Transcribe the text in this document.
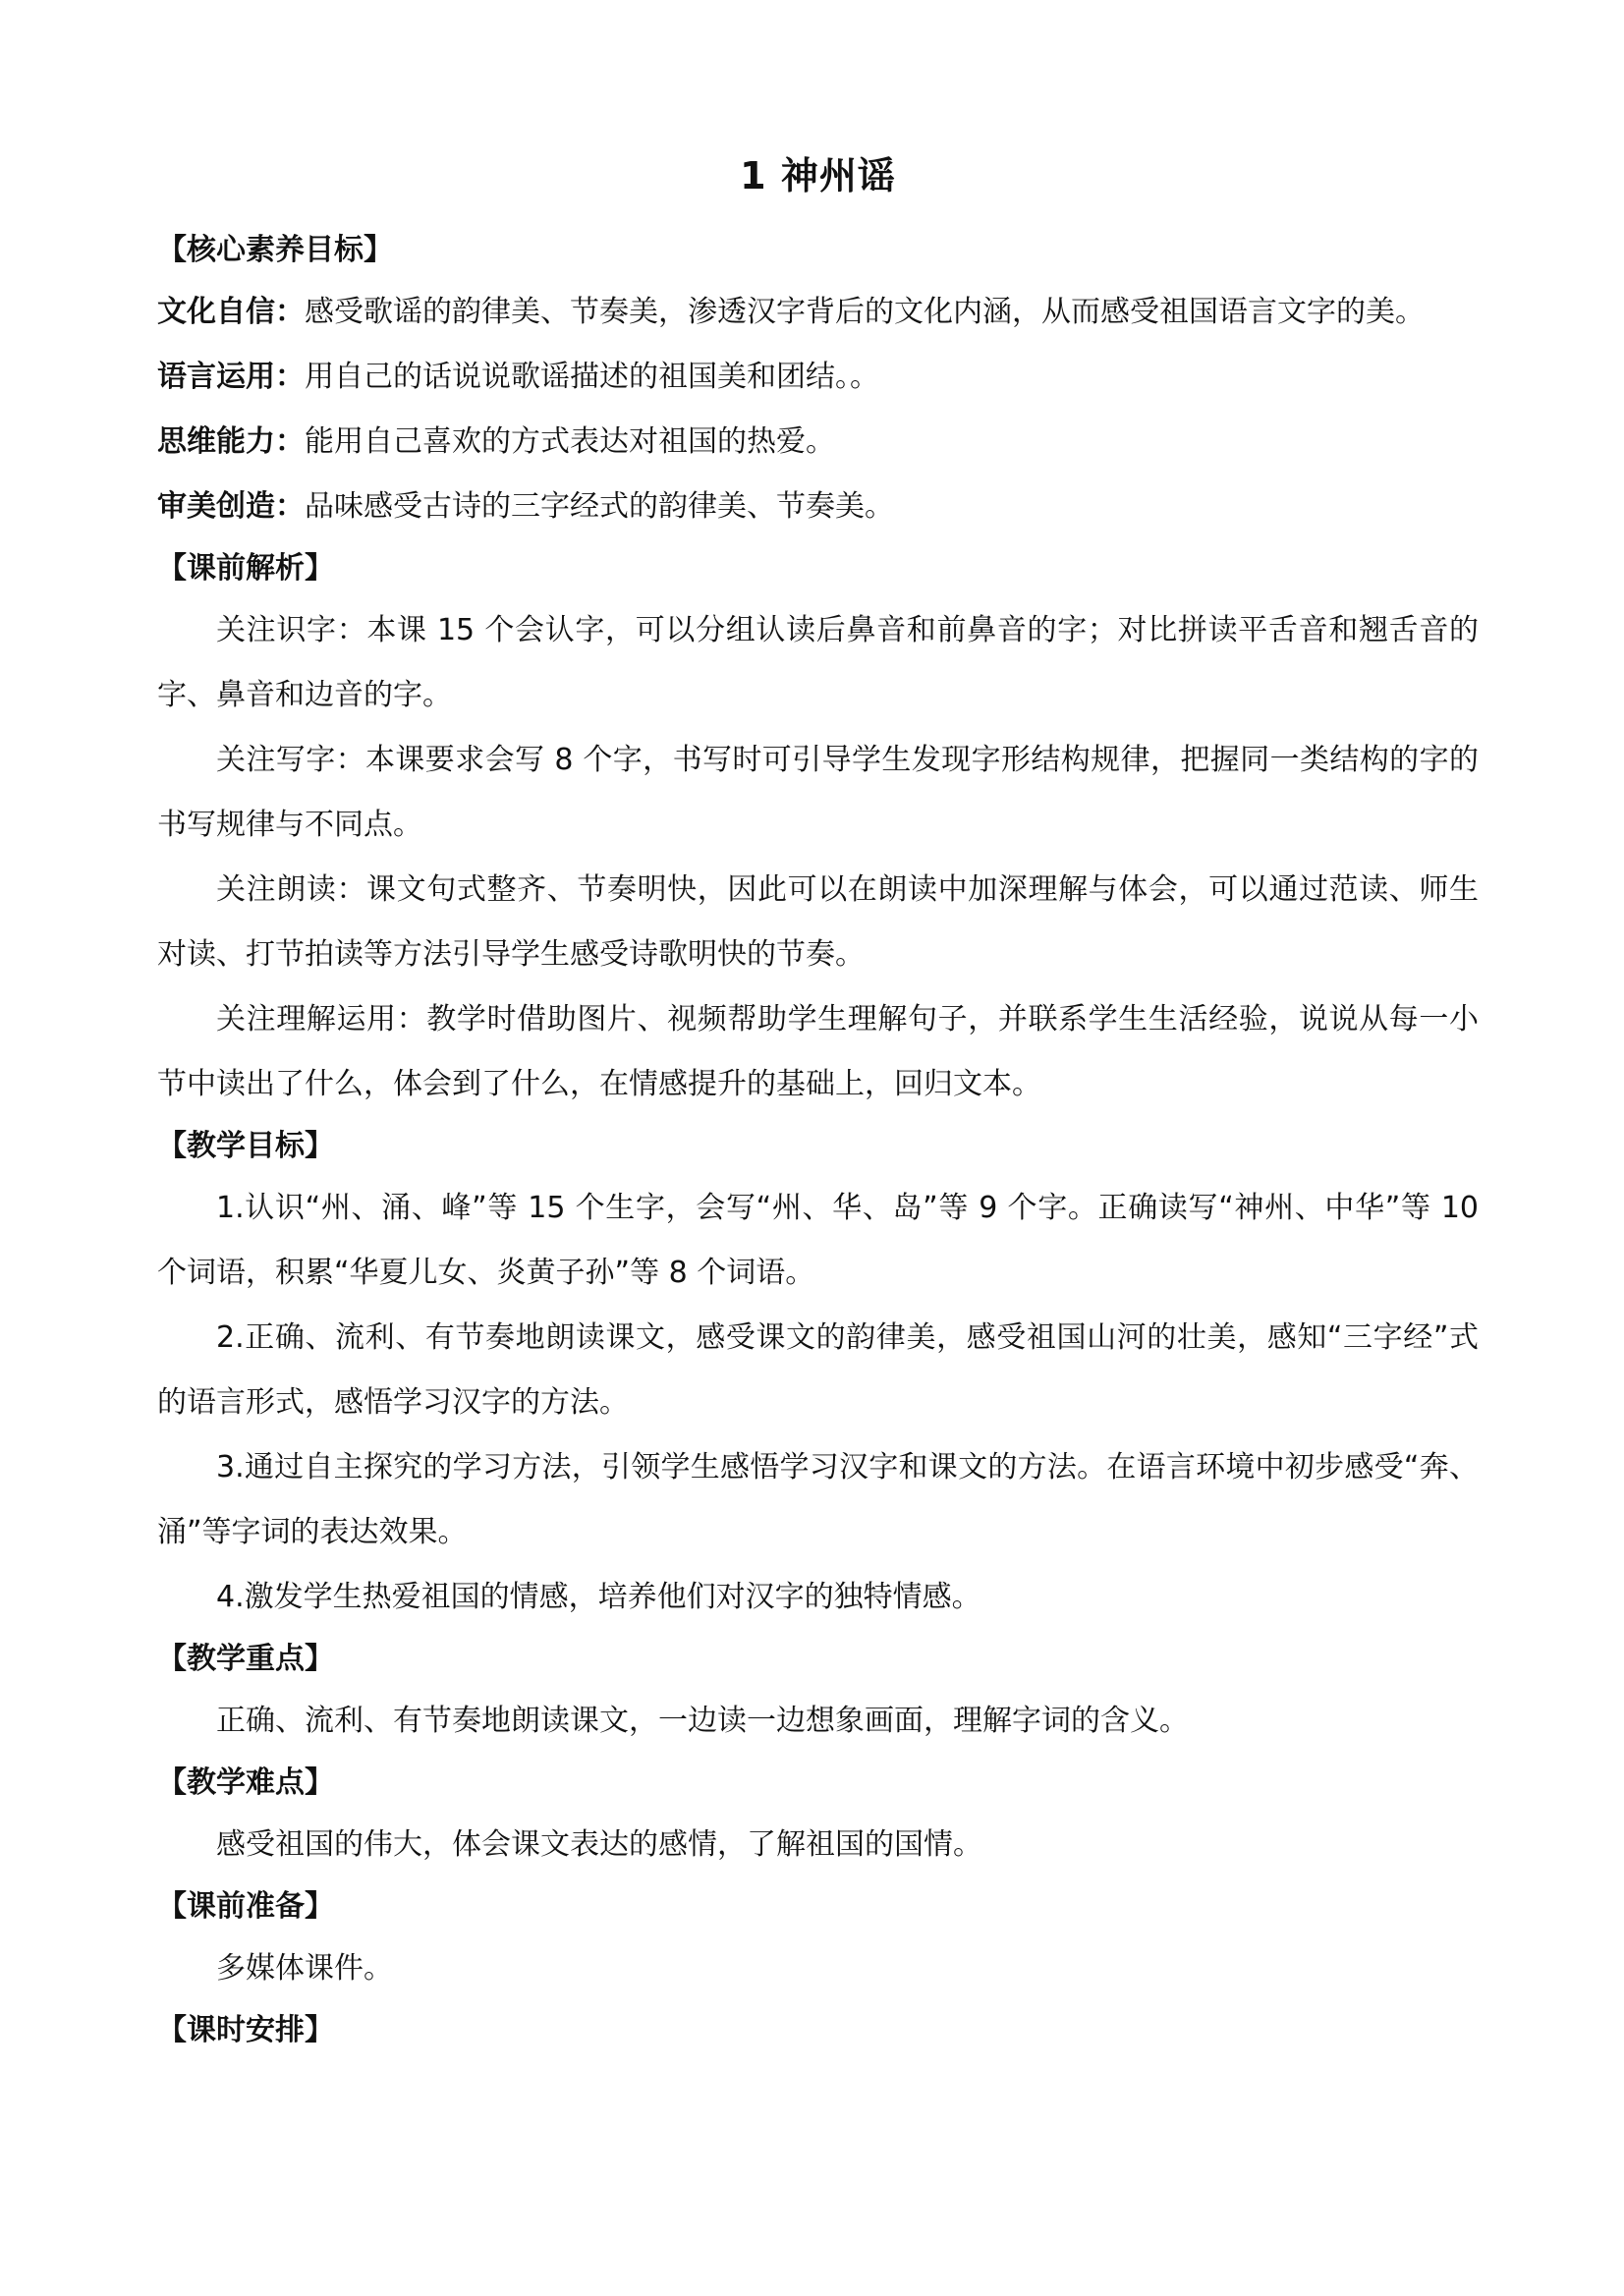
1 神州谣
【核心素养目标】

文化自信：感受歌谣的韵律美、节奏美，渗透汉字背后的文化内涵，从而感受祖国语言文字的美。

语言运用：用自己的话说说歌谣描述的祖国美和团结。。

思维能力：能用自己喜欢的方式表达对祖国的热爱。

审美创造：品味感受古诗的三字经式的韵律美、节奏美。

【课前解析】

关注识字：本课 15 个会认字，可以分组认读后鼻音和前鼻音的字；对比拼读平舌音和翘舌音的字、鼻音和边音的字。

关注写字：本课要求会写 8 个字，书写时可引导学生发现字形结构规律，把握同一类结构的字的书写规律与不同点。

关注朗读：课文句式整齐、节奏明快，因此可以在朗读中加深理解与体会，可以通过范读、师生对读、打节拍读等方法引导学生感受诗歌明快的节奏。

关注理解运用：教学时借助图片、视频帮助学生理解句子，并联系学生生活经验，说说从每一小节中读出了什么，体会到了什么，在情感提升的基础上，回归文本。

【教学目标】

1.认识“州、涌、峰”等 15 个生字，会写“州、华、岛”等 9 个字。正确读写“神州、中华”等 10 个词语，积累“华夏儿女、炎黄子孙”等 8 个词语。

2.正确、流利、有节奏地朗读课文，感受课文的韵律美，感受祖国山河的壮美，感知“三字经”式的语言形式，感悟学习汉字的方法。

3.通过自主探究的学习方法，引领学生感悟学习汉字和课文的方法。在语言环境中初步感受“奔、涌”等字词的表达效果。

4.激发学生热爱祖国的情感，培养他们对汉字的独特情感。

【教学重点】

正确、流利、有节奏地朗读课文，一边读一边想象画面，理解字词的含义。

【教学难点】

感受祖国的伟大，体会课文表达的感情，了解祖国的国情。

【课前准备】

多媒体课件。

【课时安排】
